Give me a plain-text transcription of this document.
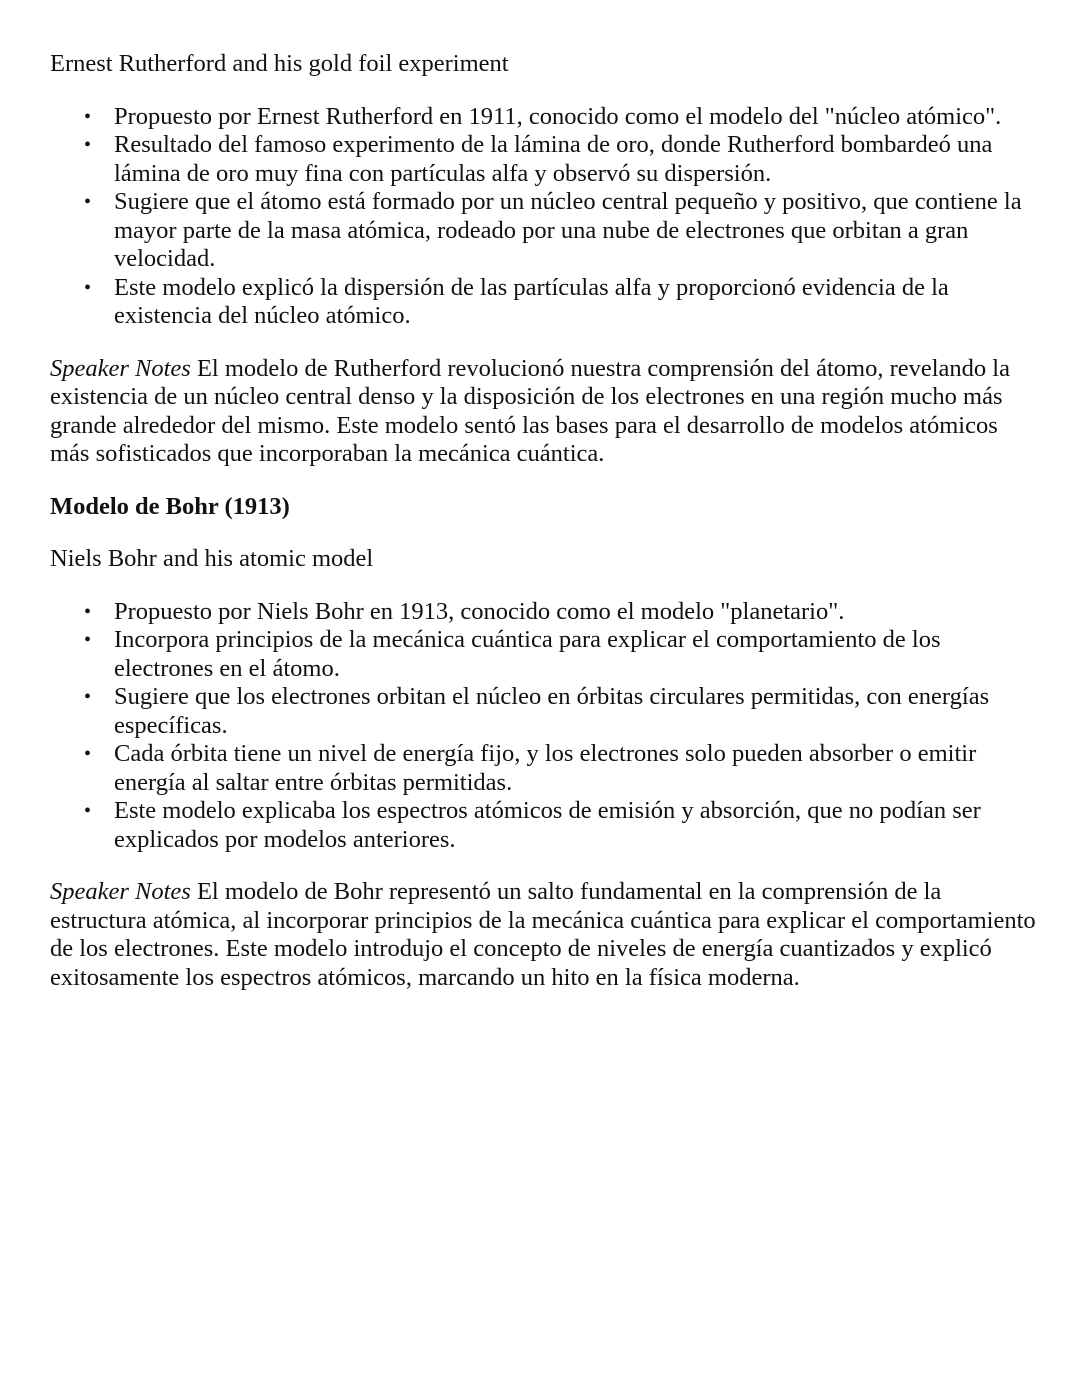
Ernest Rutherford and his gold foil experiment

• Propuesto por Ernest Rutherford en 1911, conocido como el modelo del "núcleo atómico".
• Resultado del famoso experimento de la lámina de oro, donde Rutherford bombardeó una lámina de oro muy fina con partículas alfa y observó su dispersión.
• Sugiere que el átomo está formado por un núcleo central pequeño y positivo, que contiene la mayor parte de la masa atómica, rodeado por una nube de electrones que orbitan a gran velocidad.
• Este modelo explicó la dispersión de las partículas alfa y proporcionó evidencia de la existencia del núcleo atómico.

Speaker Notes El modelo de Rutherford revolucionó nuestra comprensión del átomo, revelando la existencia de un núcleo central denso y la disposición de los electrones en una región mucho más grande alrededor del mismo. Este modelo sentó las bases para el desarrollo de modelos atómicos más sofisticados que incorporaban la mecánica cuántica.

Modelo de Bohr (1913)

Niels Bohr and his atomic model

• Propuesto por Niels Bohr en 1913, conocido como el modelo "planetario".
• Incorpora principios de la mecánica cuántica para explicar el comportamiento de los electrones en el átomo.
• Sugiere que los electrones orbitan el núcleo en órbitas circulares permitidas, con energías específicas.
• Cada órbita tiene un nivel de energía fijo, y los electrones solo pueden absorber o emitir energía al saltar entre órbitas permitidas.
• Este modelo explicaba los espectros atómicos de emisión y absorción, que no podían ser explicados por modelos anteriores.

Speaker Notes El modelo de Bohr representó un salto fundamental en la comprensión de la estructura atómica, al incorporar principios de la mecánica cuántica para explicar el comportamiento de los electrones. Este modelo introdujo el concepto de niveles de energía cuantizados y explicó exitosamente los espectros atómicos, marcando un hito en la física moderna.
